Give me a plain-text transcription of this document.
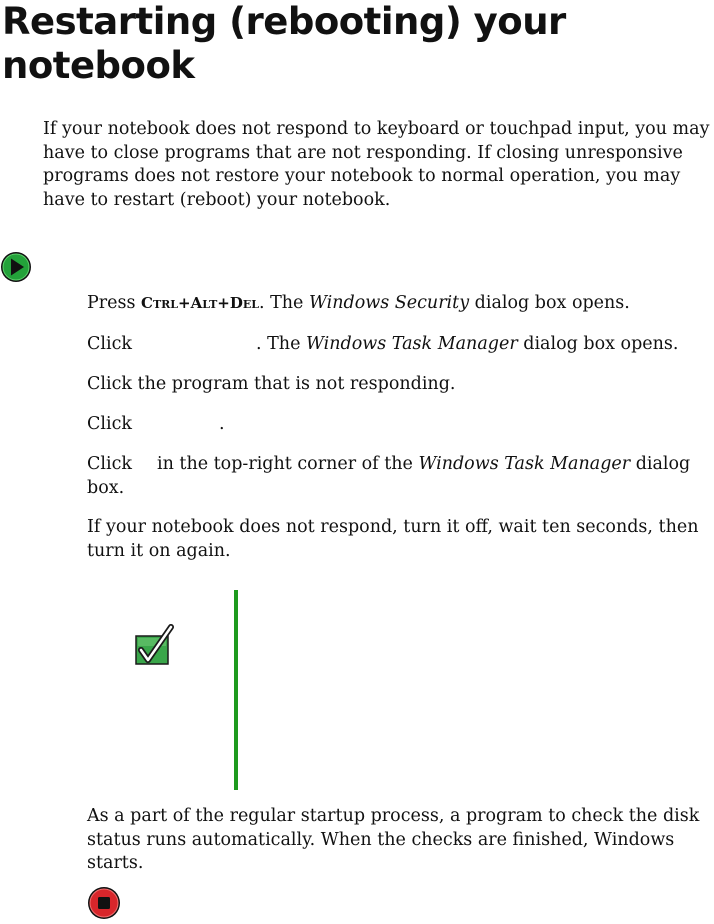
Restarting (rebooting) your notebook

If your notebook does not respond to keyboard or touchpad input, you may have to close programs that are not responding. If closing unresponsive programs does not restore your notebook to normal operation, you may have to restart (reboot) your notebook.

Press Ctrl+Alt+Del. The Windows Security dialog box opens.

Click	. The Windows Task Manager dialog box opens.

Click the program that is not responding.

Click	.

Click in the top-right corner of the Windows Task Manager dialog box.

If your notebook does not respond, turn it off, wait ten seconds, then turn it on again.

As a part of the regular startup process, a program to check the disk status runs automatically. When the checks are finished, Windows starts.
